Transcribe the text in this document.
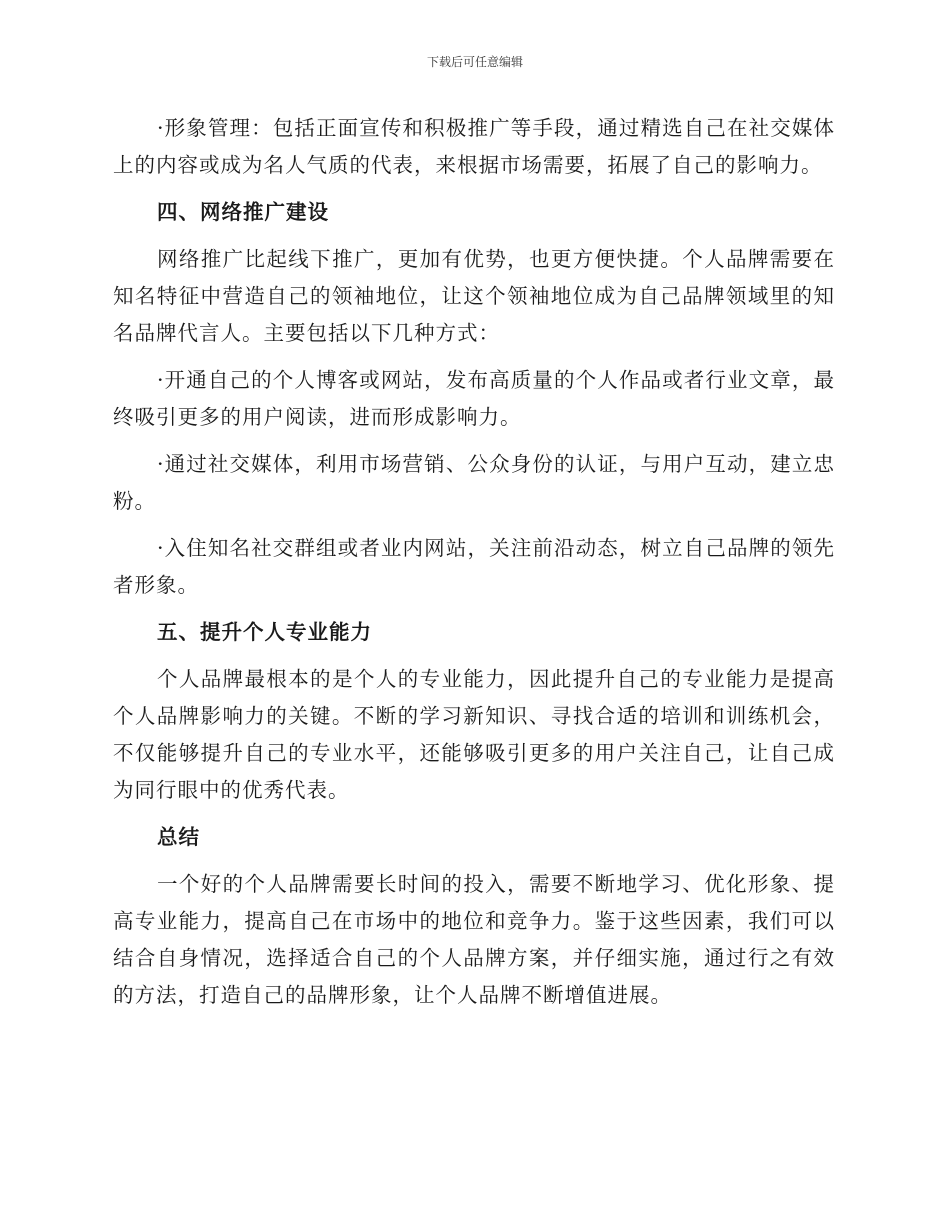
下载后可任意编辑

·形象管理：包括正面宣传和积极推广等手段，通过精选自己在社交媒体上的内容或成为名人气质的代表，来根据市场需要，拓展了自己的影响力。

四、网络推广建设

网络推广比起线下推广，更加有优势，也更方便快捷。个人品牌需要在知名特征中营造自己的领袖地位，让这个领袖地位成为自己品牌领域里的知名品牌代言人。主要包括以下几种方式：

·开通自己的个人博客或网站，发布高质量的个人作品或者行业文章，最终吸引更多的用户阅读，进而形成影响力。

·通过社交媒体，利用市场营销、公众身份的认证，与用户互动，建立忠粉。

·入住知名社交群组或者业内网站，关注前沿动态，树立自己品牌的领先者形象。

五、提升个人专业能力

个人品牌最根本的是个人的专业能力，因此提升自己的专业能力是提高个人品牌影响力的关键。不断的学习新知识、寻找合适的培训和训练机会，不仅能够提升自己的专业水平，还能够吸引更多的用户关注自己，让自己成为同行眼中的优秀代表。

总结

一个好的个人品牌需要长时间的投入，需要不断地学习、优化形象、提高专业能力，提高自己在市场中的地位和竞争力。鉴于这些因素，我们可以结合自身情况，选择适合自己的个人品牌方案，并仔细实施，通过行之有效的方法，打造自己的品牌形象，让个人品牌不断增值进展。
